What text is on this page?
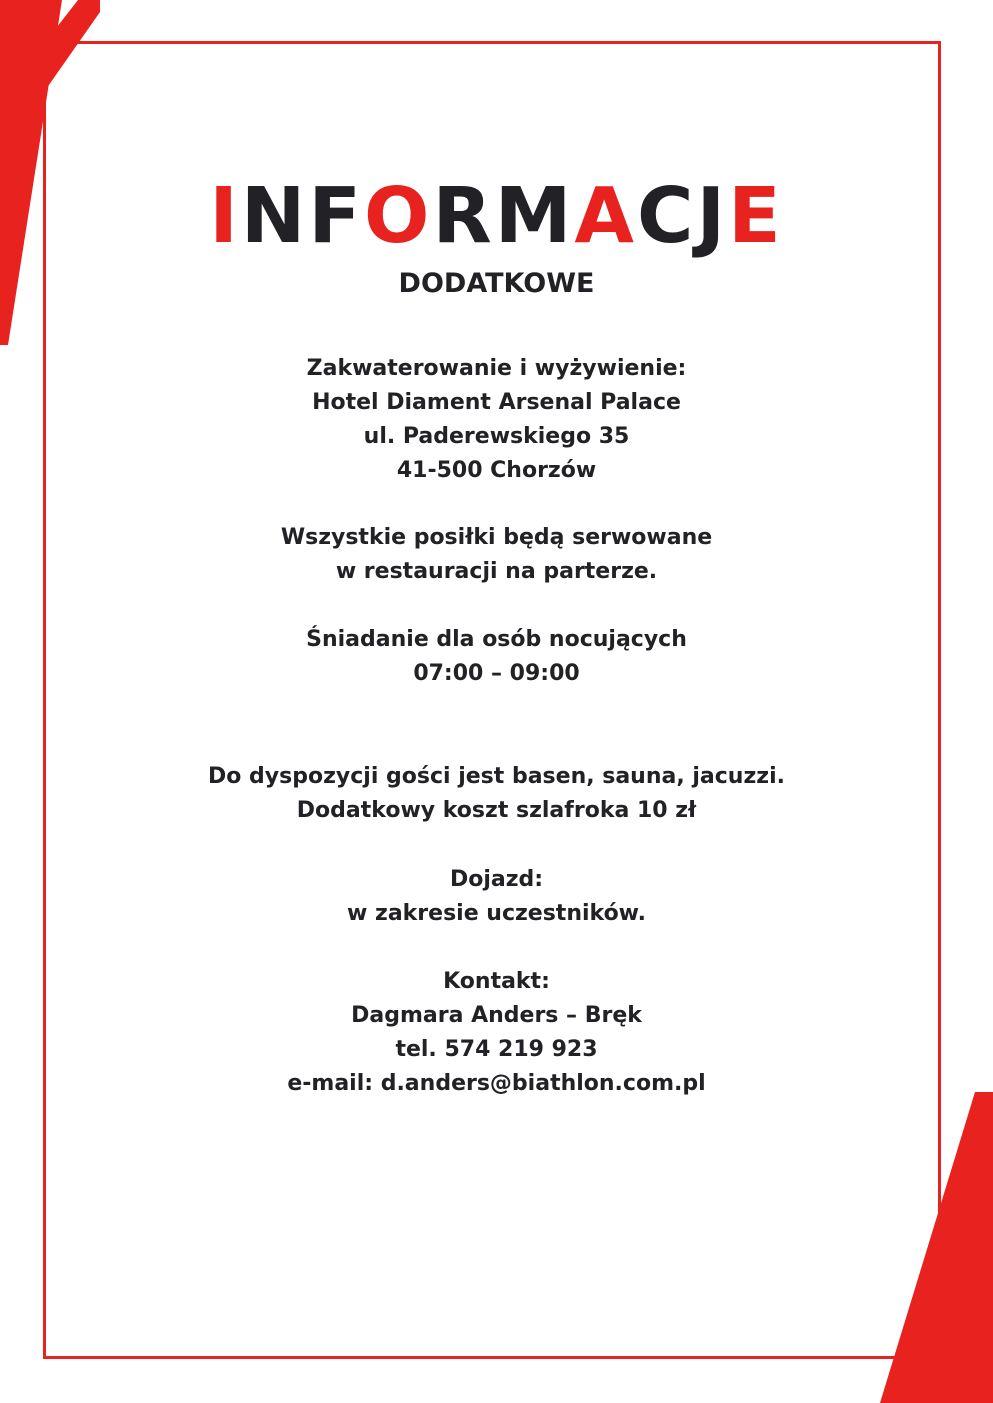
INFORMACJE
DODATKOWE
Zakwaterowanie i wyżywienie:
Hotel Diament Arsenal Palace
ul. Paderewskiego 35
41-500 Chorzów
Wszystkie posiłki będą serwowane
w restauracji na parterze.
Śniadanie dla osób nocujących
07:00 – 09:00
Do dyspozycji gości jest basen, sauna, jacuzzi.
Dodatkowy koszt szlafroka 10 zł
Dojazd:
w zakresie uczestników.
Kontakt:
Dagmara Anders – Bręk
tel. 574 219 923
e-mail: d.anders@biathlon.com.pl
